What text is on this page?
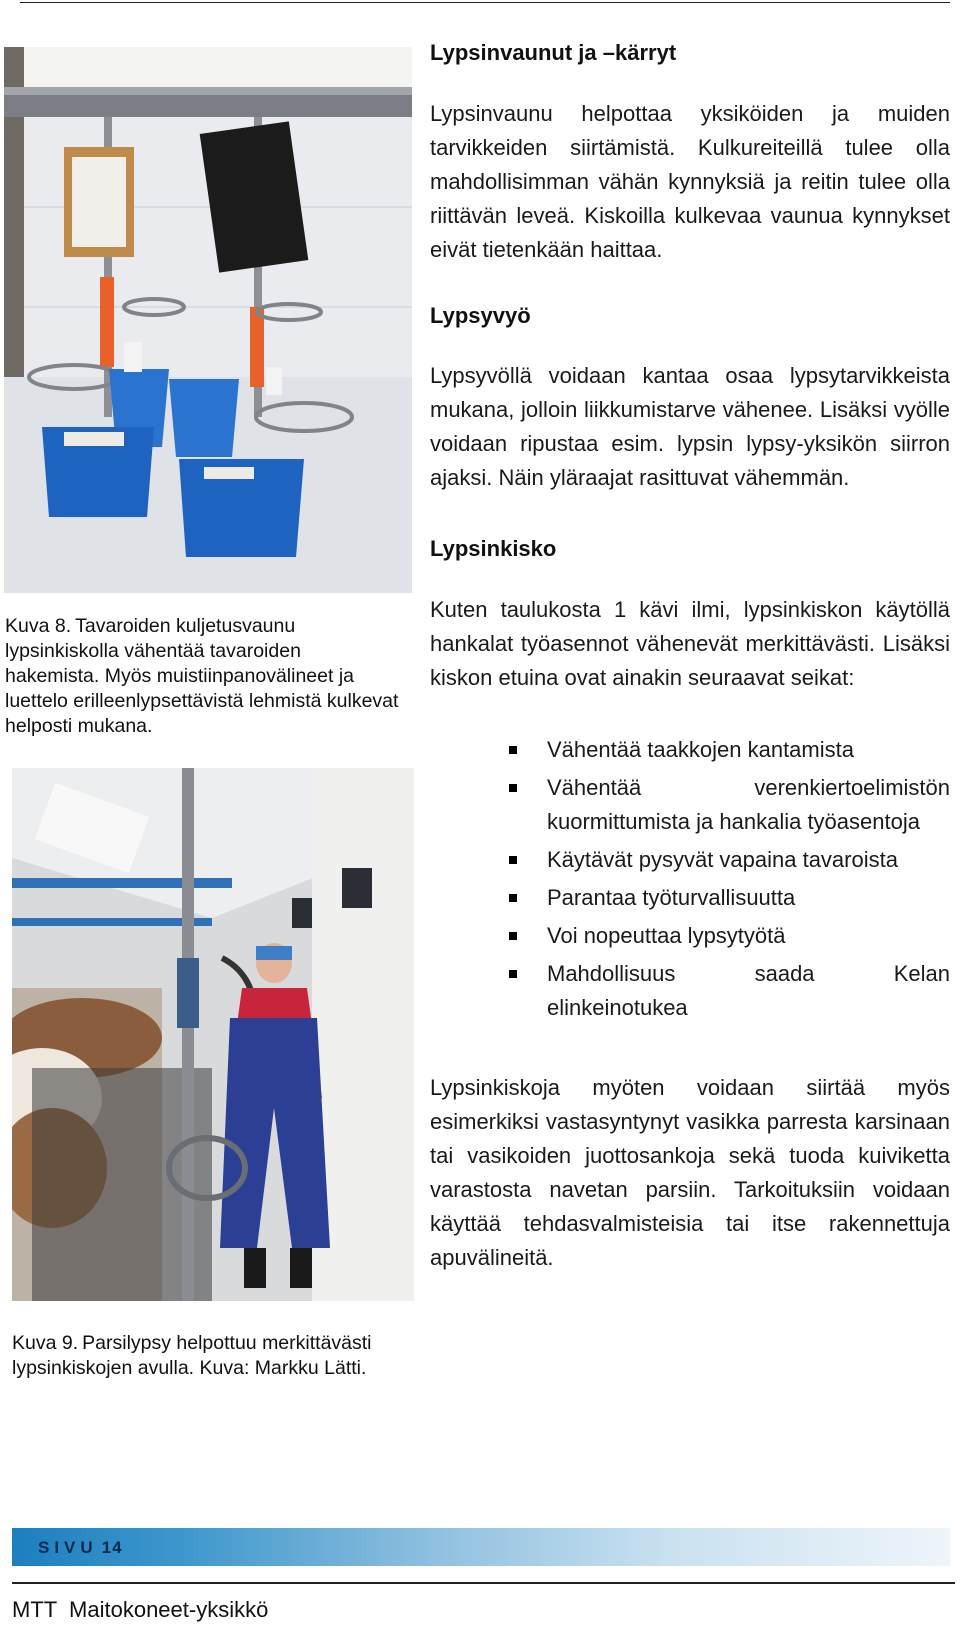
Kuva 8. Tavaroiden kuljetusvaunu lypsinkiskolla vähentää tavaroiden hakemista. Myös muistiinpanovälineet ja luettelo erilleenlypsettävistä lehmistä kulkevat helposti mukana.
Kuva 9. Parsilypsy helpottuu merkittävästi lypsinkiskojen avulla. Kuva: Markku Lätti.
Lypsinvaunut ja –kärryt
Lypsinvaunu helpottaa yksiköiden ja muiden tarvikkeiden siirtämistä. Kulkureiteillä tulee olla mahdollisimman vähän kynnyksiä ja reitin tulee olla riittävän leveä. Kiskoilla kulkevaa vaunua kynnykset eivät tietenkään haittaa.
Lypsyvyö
Lypsyvöllä voidaan kantaa osaa lypsytarvikkeista mukana, jolloin liikkumistarve vähenee. Lisäksi vyölle voidaan ripustaa esim. lypsin lypsy-yksikön siirron ajaksi. Näin yläraajat rasittuvat vähemmän.
Lypsinkisko
Kuten taulukosta 1 kävi ilmi, lypsinkiskon käytöllä hankalat työasennot vähenevät merkittävästi. Lisäksi kiskon etuina ovat ainakin seuraavat seikat:
Vähentää taakkojen kantamista
Vähentää verenkiertoelimistön kuormittumista ja hankalia työasentoja
Käytävät pysyvät vapaina tavaroista
Parantaa työturvallisuutta
Voi nopeuttaa lypsytyötä
Mahdollisuus saada Kelan elinkeinotukea
Lypsinkiskoja myöten voidaan siirtää myös esimerkiksi vastasyntynyt vasikka parresta karsinaan tai vasikoiden juottosankoja sekä tuoda kuiviketta varastosta navetan parsiin. Tarkoituksiin voidaan käyttää tehdasvalmisteisia tai itse rakennettuja apuvälineitä.
SIVU 14
MTT  Maitokoneet-yksikkö
